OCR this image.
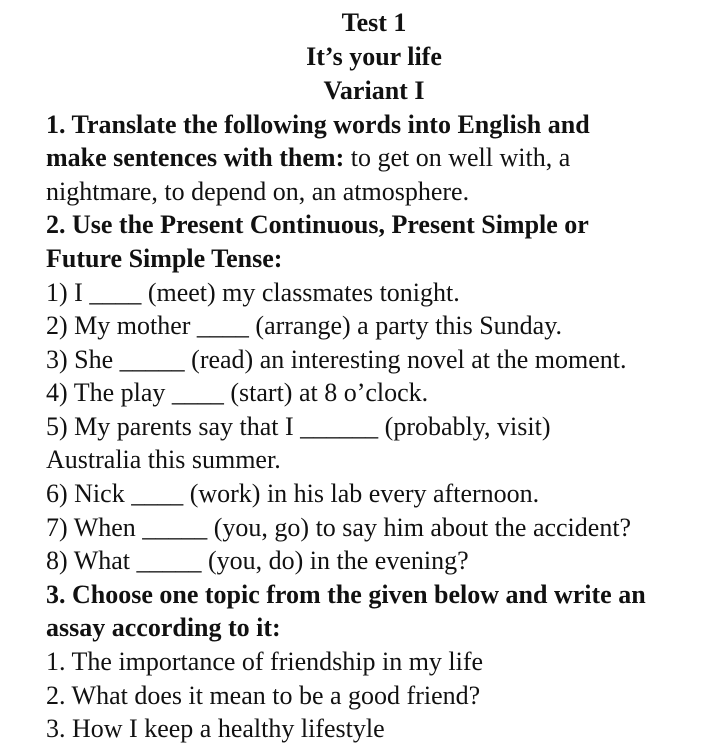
Test 1
It’s your life
Variant I
1. Translate the following words into English and
make sentences with them: to get on well with, a
nightmare, to depend on, an atmosphere.
2. Use the Present Continuous, Present Simple or
Future Simple Tense:
1) I ____ (meet) my classmates tonight.
2) My mother ____ (arrange) a party this Sunday.
3) She _____ (read) an interesting novel at the moment.
4) The play ____ (start) at 8 o’clock.
5) My parents say that I ______ (probably, visit)
Australia this summer.
6) Nick ____ (work) in his lab every afternoon.
7) When _____ (you, go) to say him about the accident?
8) What _____ (you, do) in the evening?
3. Choose one topic from the given below and write an
assay according to it:
1. The importance of friendship in my life
2. What does it mean to be a good friend?
3. How I keep a healthy lifestyle
